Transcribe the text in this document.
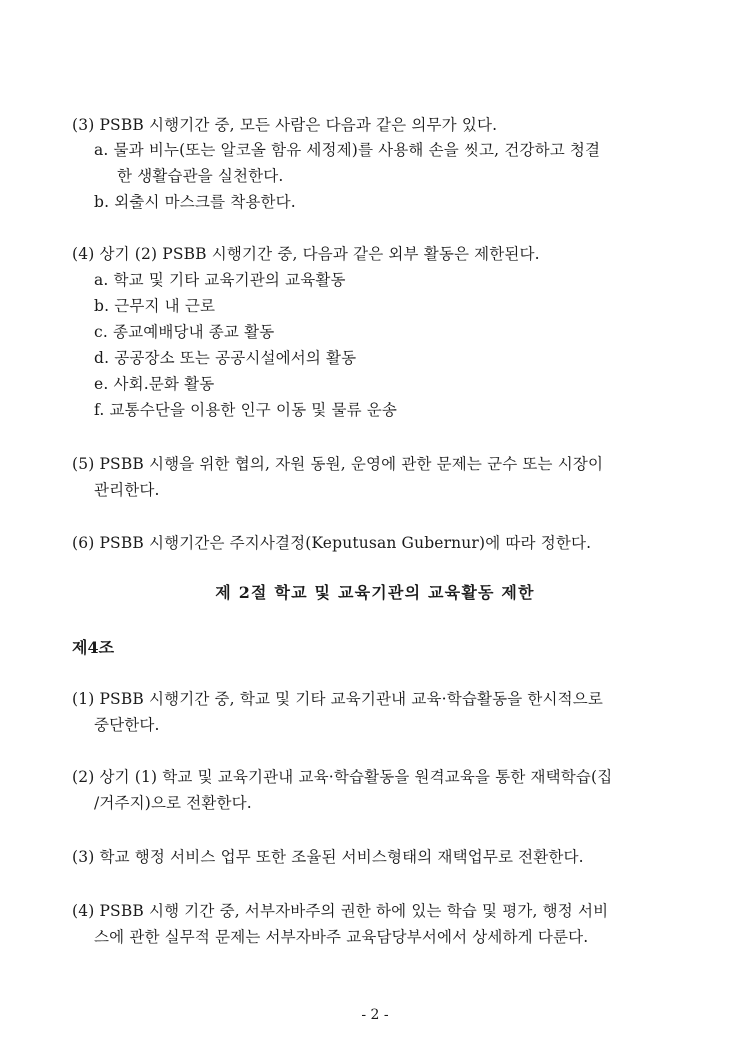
(3) PSBB 시행기간 중, 모든 사람은 다음과 같은 의무가 있다.
a. 물과 비누(또는 알코올 함유 세정제)를 사용해 손을 씻고, 건강하고 청결
한 생활습관을 실천한다.
b. 외출시 마스크를 착용한다.
(4) 상기 (2) PSBB 시행기간 중, 다음과 같은 외부 활동은 제한된다.
a. 학교 및 기타 교육기관의 교육활동
b. 근무지 내 근로
c. 종교예배당내 종교 활동
d. 공공장소 또는 공공시설에서의 활동
e. 사회.문화 활동
f. 교통수단을 이용한 인구 이동 및 물류 운송
(5) PSBB 시행을 위한 협의, 자원 동원, 운영에 관한 문제는 군수 또는 시장이
관리한다.
(6) PSBB 시행기간은 주지사결정(Keputusan Gubernur)에 따라 정한다.
제 2절 학교 및 교육기관의 교육활동 제한
제4조
(1) PSBB 시행기간 중, 학교 및 기타 교육기관내 교육·학습활동을 한시적으로
중단한다.
(2) 상기 (1) 학교 및 교육기관내 교육·학습활동을 원격교육을 통한 재택학습(집
/거주지)으로 전환한다.
(3) 학교 행정 서비스 업무 또한 조율된 서비스형태의 재택업무로 전환한다.
(4) PSBB 시행 기간 중, 서부자바주의 권한 하에 있는 학습 및 평가, 행정 서비
스에 관한 실무적 문제는 서부자바주 교육담당부서에서 상세하게 다룬다.
- 2 -
